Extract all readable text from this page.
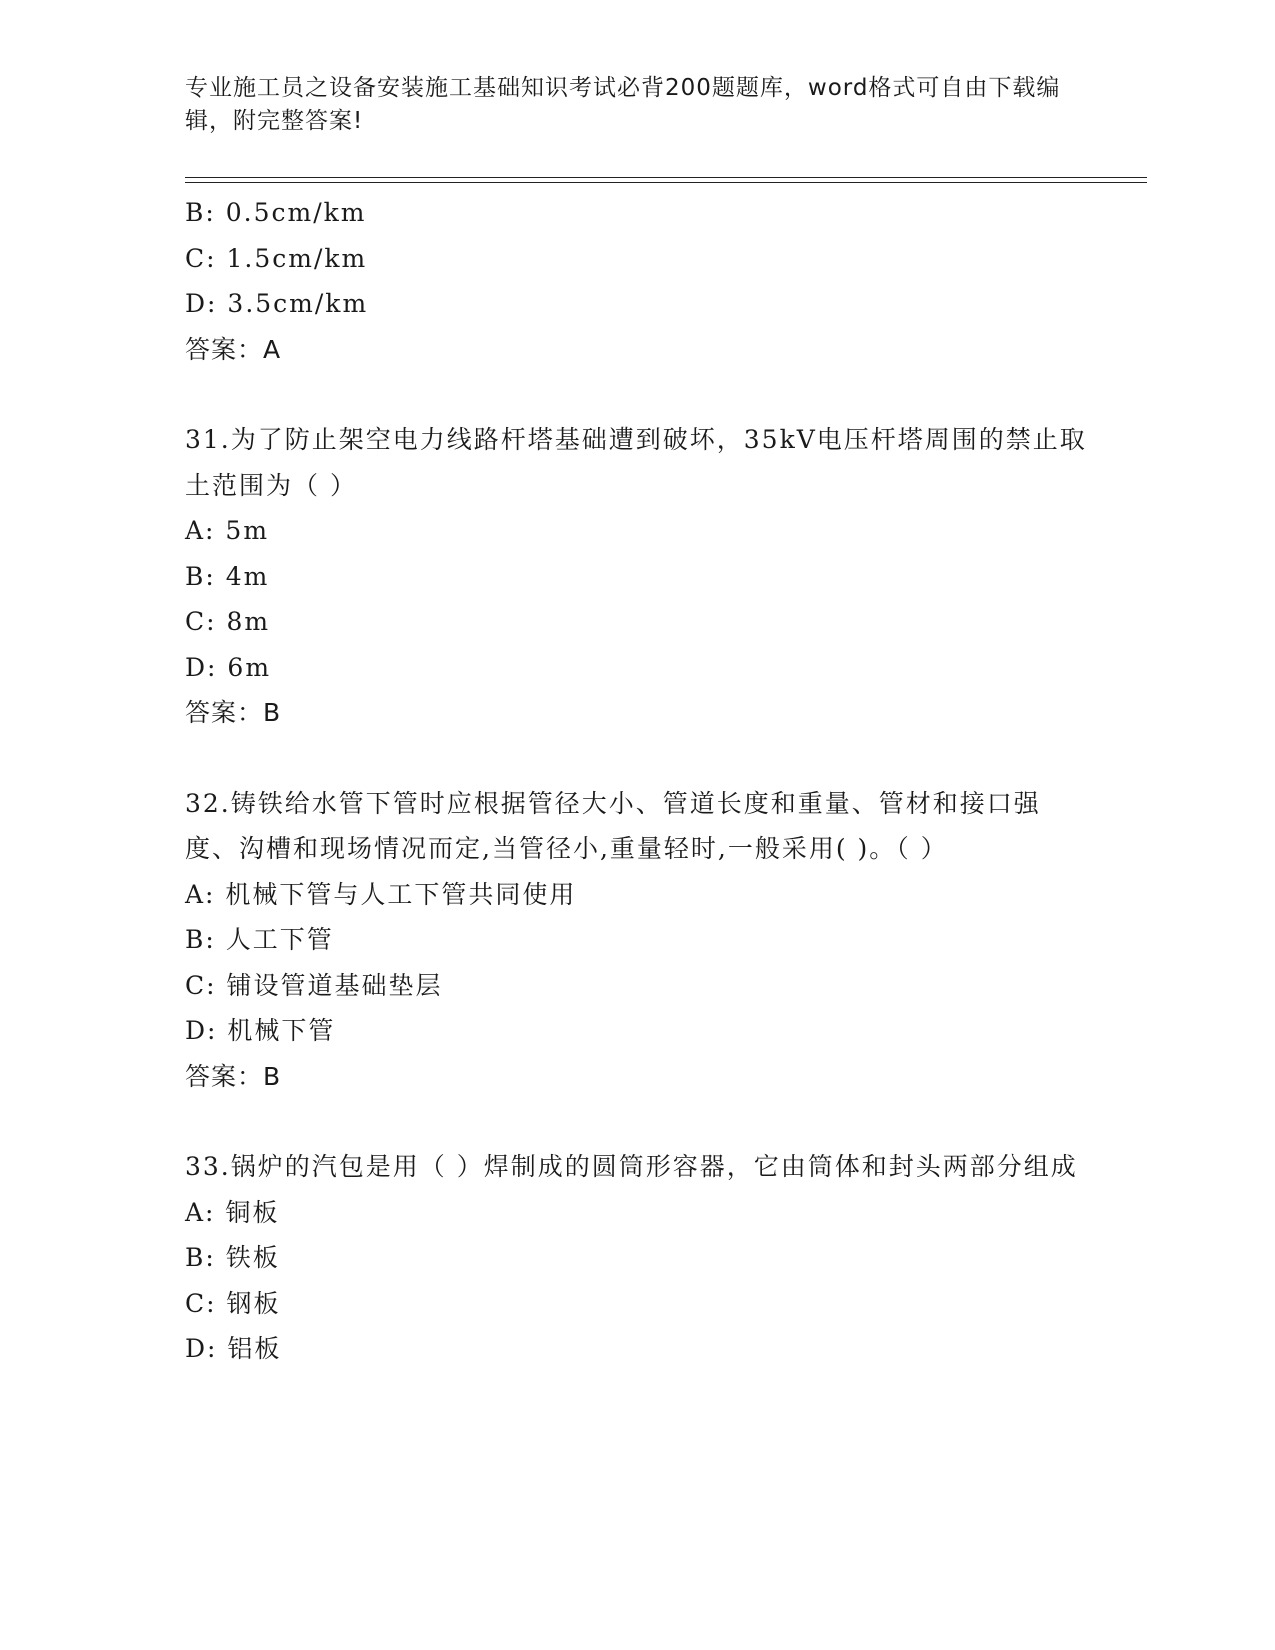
专业施工员之设备安装施工基础知识考试必背200题题库，word格式可自由下载编辑，附完整答案!
B: 0.5cm/km
C: 1.5cm/km
D: 3.5cm/km
答案：A
31.为了防止架空电力线路杆塔基础遭到破坏，35kV电压杆塔周围的禁止取土范围为（ ）
A: 5m
B: 4m
C: 8m
D: 6m
答案：B
32.铸铁给水管下管时应根据管径大小、管道长度和重量、管材和接口强度、沟槽和现场情况而定,当管径小,重量轻时,一般采用( )。（ ）
A: 机械下管与人工下管共同使用
B: 人工下管
C: 铺设管道基础垫层
D: 机械下管
答案：B
33.锅炉的汽包是用（ ）焊制成的圆筒形容器，它由筒体和封头两部分组成
A: 铜板
B: 铁板
C: 钢板
D: 铝板
